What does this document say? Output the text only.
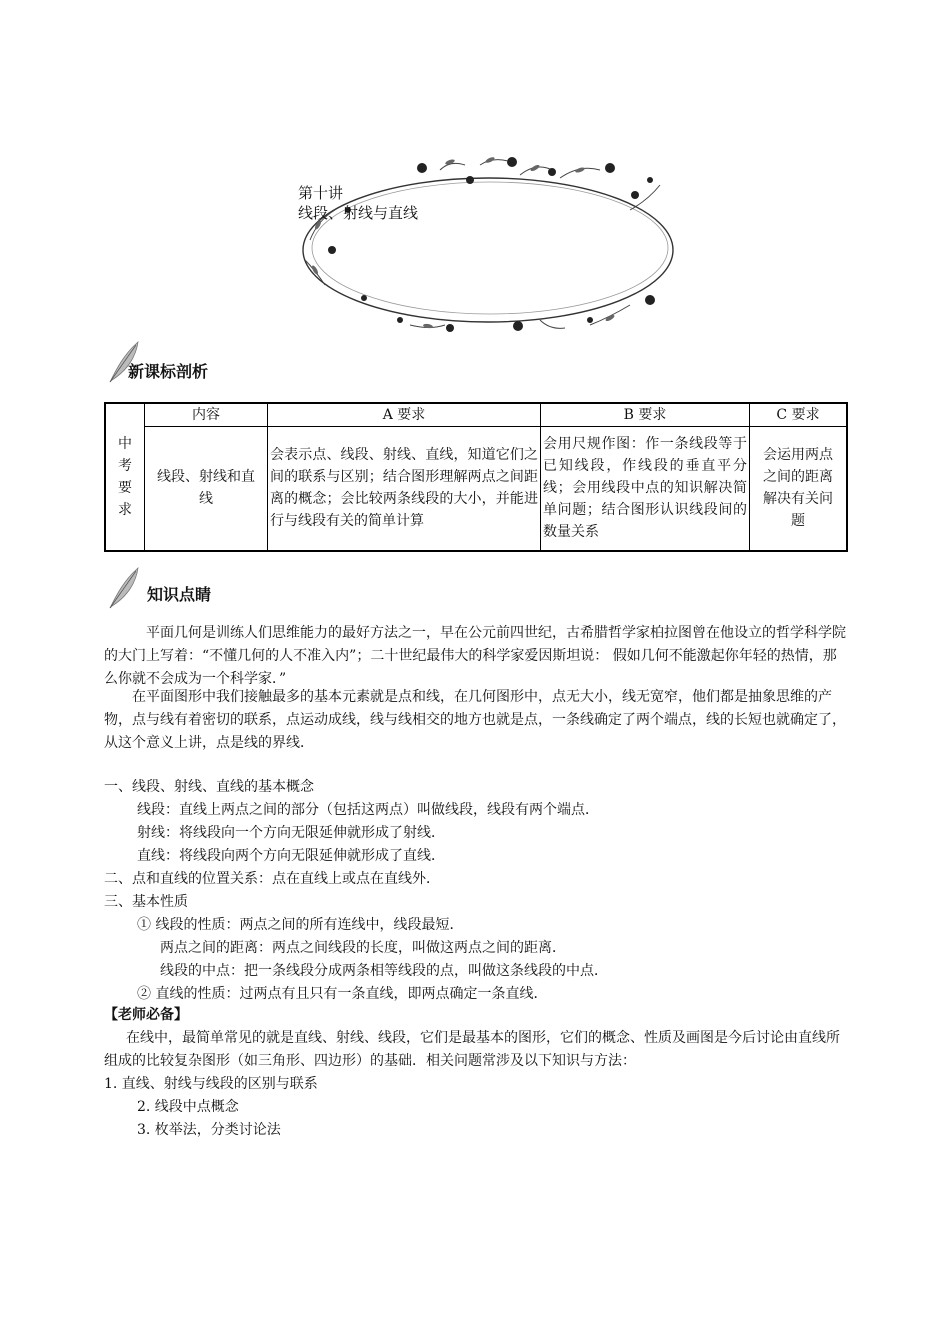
第十讲
线段、射线与直线
新课标剖析
中
考
要
求	内容	A 要求	B 要求	C 要求
	线段、射线和直线	会表示点、线段、射线、直线，知道它们之间的联系与区别；结合图形理解两点之间距离的概念；会比较两条线段的大小，并能进行与线段有关的简单计算	会用尺规作图：作一条线段等于已知线段，作线段的垂直平分线；会用线段中点的知识解决简单问题；结合图形认识线段间的数量关系	会运用两点之间的距离解决有关问题
知识点睛
平面几何是训练人们思维能力的最好方法之一，早在公元前四世纪，古希腊哲学家柏拉图曾在他设立的哲学科学院的大门上写着：“不懂几何的人不准入内”；二十世纪最伟大的科学家爱因斯坦说： 假如几何不能激起你年轻的热情，那么你就不会成为一个科学家．”
在平面图形中我们接触最多的基本元素就是点和线，在几何图形中，点无大小，线无宽窄，他们都是抽象思维的产物，点与线有着密切的联系，点运动成线，线与线相交的地方也就是点，一条线确定了两个端点，线的长短也就确定了，从这个意义上讲，点是线的界线．
一、线段、射线、直线的基本概念
线段：直线上两点之间的部分（包括这两点）叫做线段，线段有两个端点．
射线：将线段向一个方向无限延伸就形成了射线．
直线：将线段向两个方向无限延伸就形成了直线．
二、点和直线的位置关系：点在直线上或点在直线外．
三、基本性质
① 线段的性质：两点之间的所有连线中，线段最短．
两点之间的距离：两点之间线段的长度，叫做这两点之间的距离．
线段的中点：把一条线段分成两条相等线段的点，叫做这条线段的中点．
② 直线的性质：过两点有且只有一条直线，即两点确定一条直线．
【老师必备】
在线中，最简单常见的就是直线、射线、线段，它们是最基本的图形，它们的概念、性质及画图是今后讨论由直线所组成的比较复杂图形（如三角形、四边形）的基础．相关问题常涉及以下知识与方法：
1. 直线、射线与线段的区别与联系
2. 线段中点概念
3. 枚举法，分类讨论法
